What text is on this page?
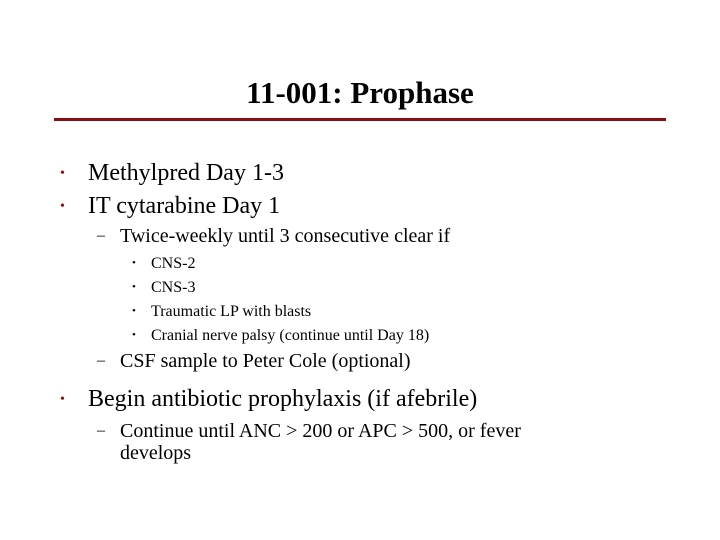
11-001: Prophase
• Methylpred Day 1-3
• IT cytarabine Day 1
– Twice-weekly until 3 consecutive clear if
• CNS-2
• CNS-3
• Traumatic LP with blasts
• Cranial nerve palsy (continue until Day 18)
– CSF sample to Peter Cole (optional)
• Begin antibiotic prophylaxis (if afebrile)
– Continue until ANC > 200 or APC > 500, or fever
develops
